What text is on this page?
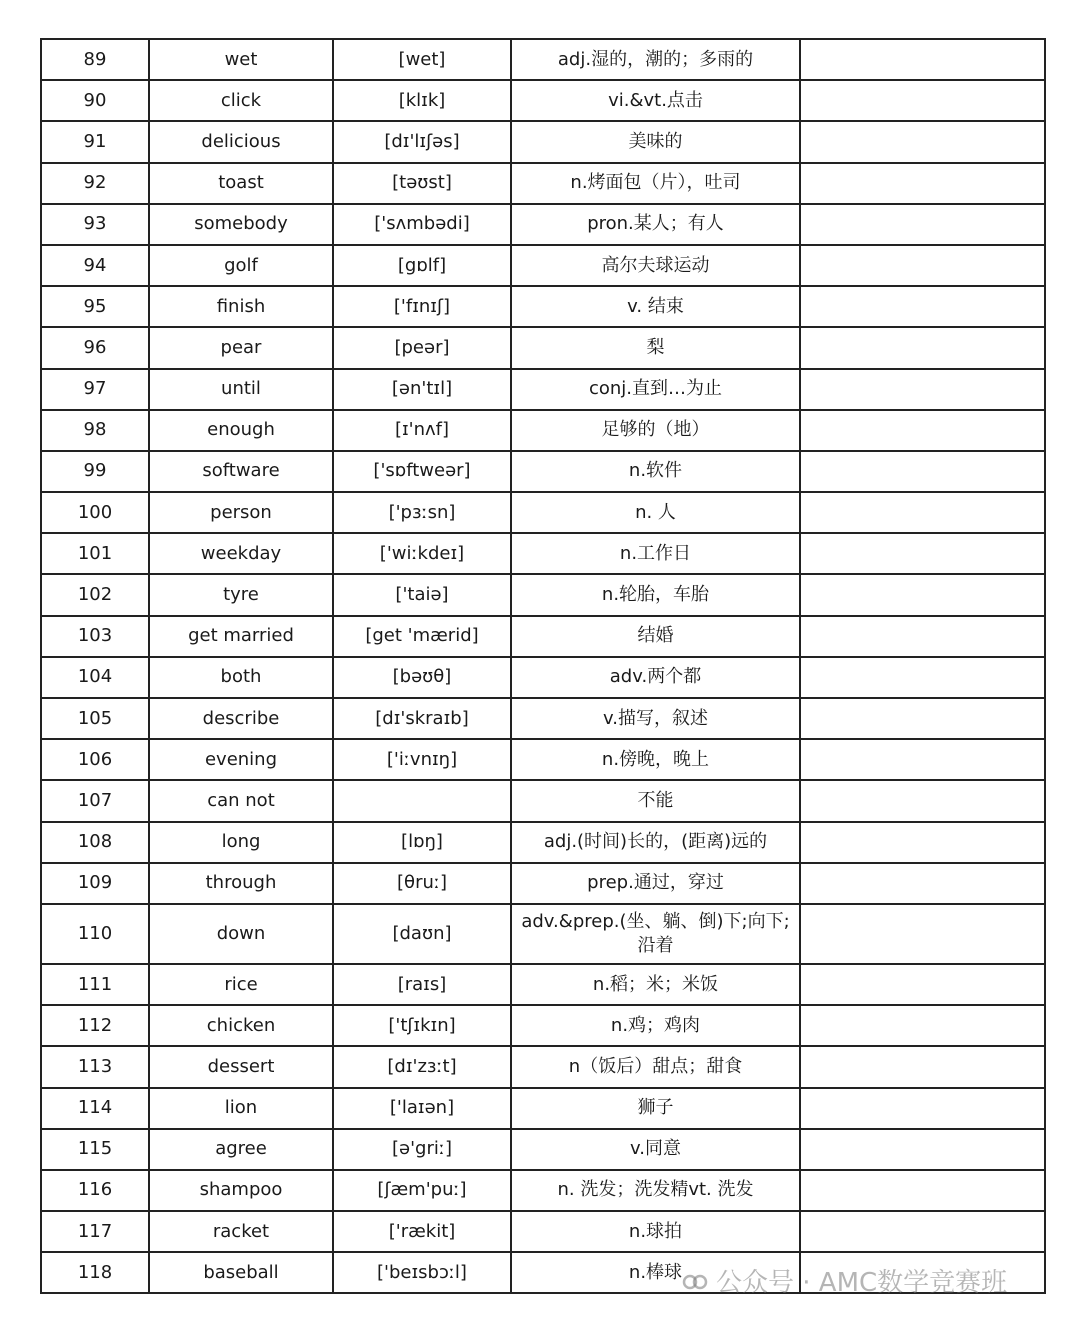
89	wet	[wet]	adj.湿的，潮的；多雨的	
90	click	[klɪk]	vi.&vt.点击	
91	delicious	[dɪ'lɪʃəs]	美味的	
92	toast	[təʊst]	n.烤面包（片），吐司	
93	somebody	['sʌmbədi]	pron.某人；有人	
94	golf	[gɒlf]	高尔夫球运动	
95	finish	['fɪnɪʃ]	v. 结束	
96	pear	[peər]	梨	
97	until	[ən'tɪl]	conj.直到…为止	
98	enough	[ɪ'nʌf]	足够的（地）	
99	software	['sɒftweər]	n.软件	
100	person	['pɜːsn]	n. 人	
101	weekday	['wiːkdeɪ]	n.工作日	
102	tyre	['taiə]	n.轮胎，车胎	
103	get married	[get 'mærid]	结婚	
104	both	[bəʊθ]	adv.两个都	
105	describe	[dɪ'skraɪb]	v.描写，叙述	
106	evening	['iːvnɪŋ]	n.傍晚，晚上	
107	can not		不能	
108	long	[lɒŋ]	adj.(时间)长的，(距离)远的	
109	through	[θruː]	prep.通过，穿过	
110	down	[daʊn]	adv.&prep.(坐、躺、倒)下;向下;沿着	
111	rice	[raɪs]	n.稻；米；米饭	
112	chicken	['tʃɪkɪn]	n.鸡；鸡肉	
113	dessert	[dɪ'zɜːt]	n（饭后）甜点；甜食	
114	lion	['laɪən]	狮子	
115	agree	[ə'griː]	v.同意	
116	shampoo	[ʃæm'puː]	n. 洗发；洗发精vt. 洗发	
117	racket	['rækit]	n.球拍	
118	baseball	['beɪsbɔːl]	n.棒球	公众号 · AMC数学竞赛班
